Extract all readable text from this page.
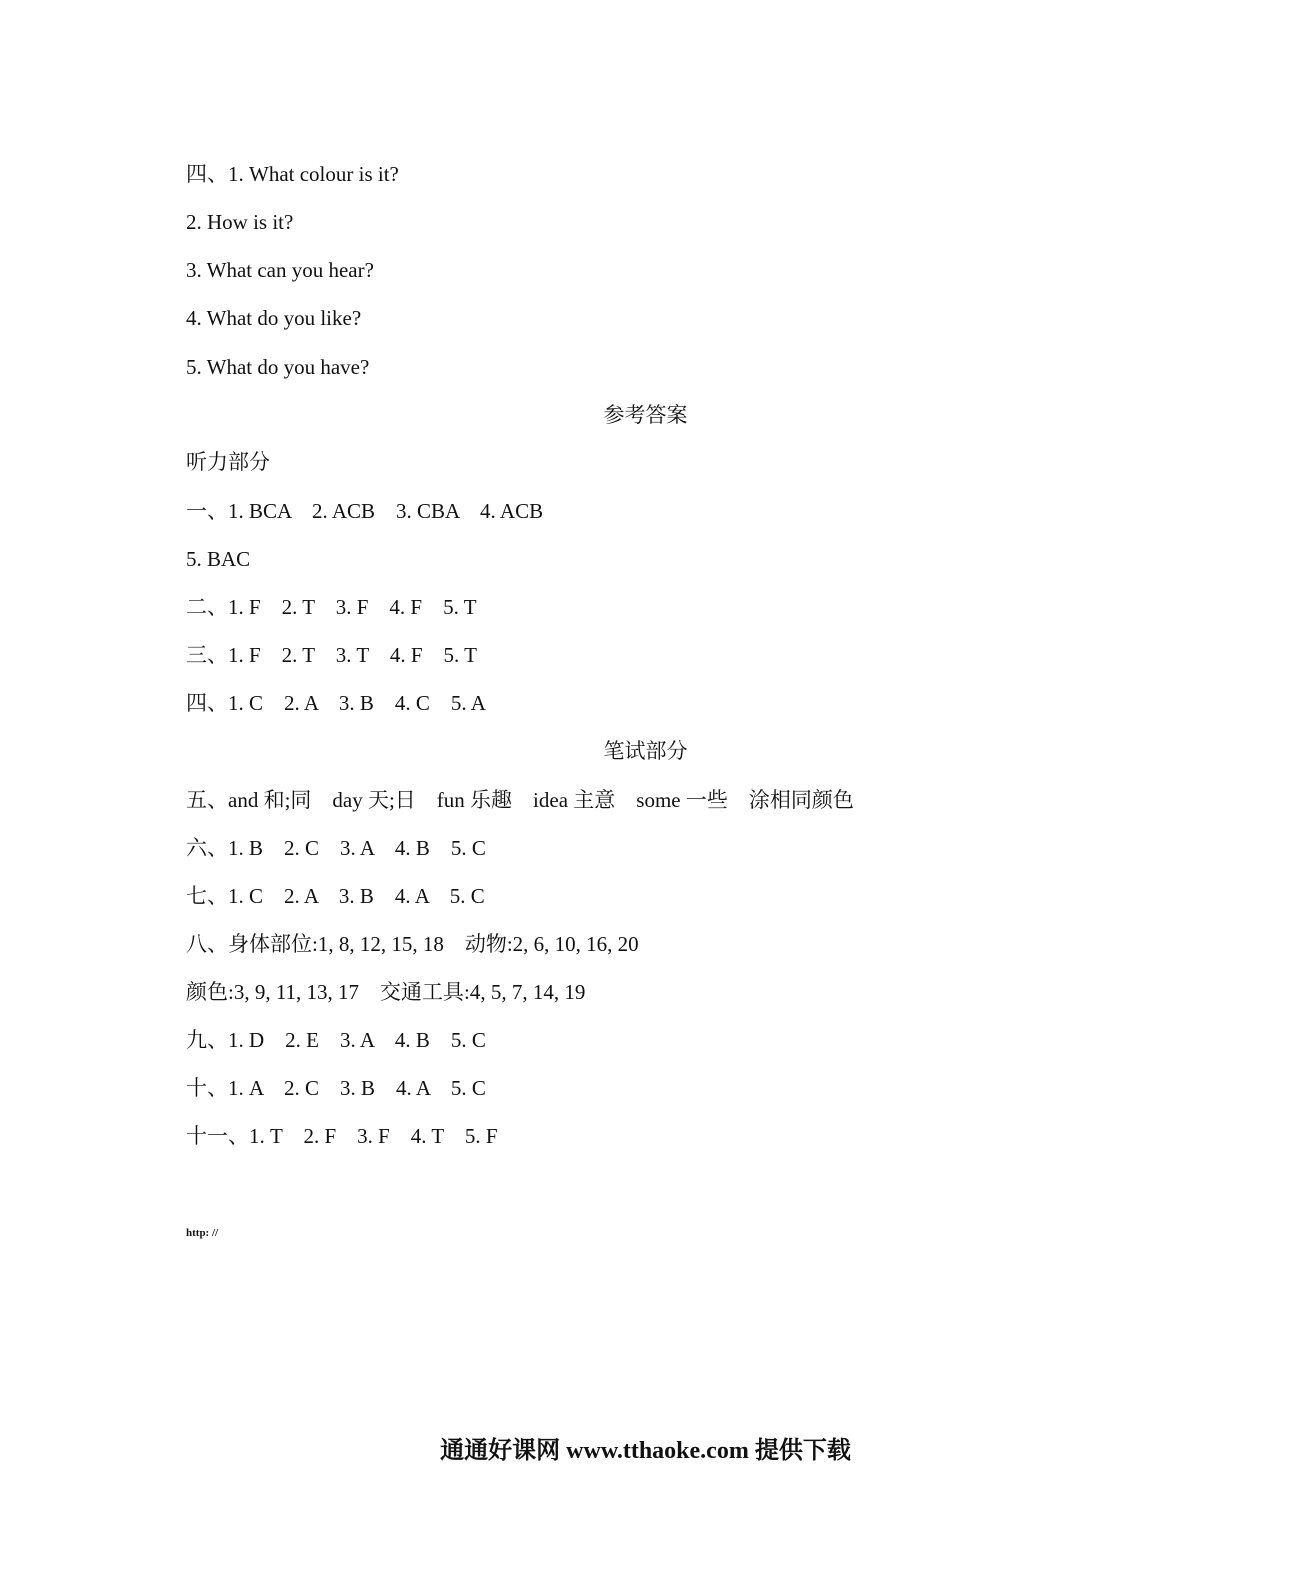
四、1. What colour is it?
2. How is it?
3. What can you hear?
4. What do you like?
5. What do you have?
参考答案
听力部分
一、1. BCA    2. ACB    3. CBA    4. ACB
5. BAC
二、1. F    2. T    3. F    4. F    5. T
三、1. F    2. T    3. T    4. F    5. T
四、1. C    2. A    3. B    4. C    5. A
笔试部分
五、and 和;同    day 天;日    fun 乐趣    idea 主意    some 一些    涂相同颜色
六、1. B    2. C    3. A    4. B    5. C
七、1. C    2. A    3. B    4. A    5. C
八、身体部位:1, 8, 12, 15, 18    动物:2, 6, 10, 16, 20
颜色:3, 9, 11, 13, 17    交通工具:4, 5, 7, 14, 19
九、1. D    2. E    3. A    4. B    5. C
十、1. A    2. C    3. B    4. A    5. C
十一、1. T    2. F    3. F    4. T    5. F
http: //
通通好课网 www.tthaoke.com 提供下载
